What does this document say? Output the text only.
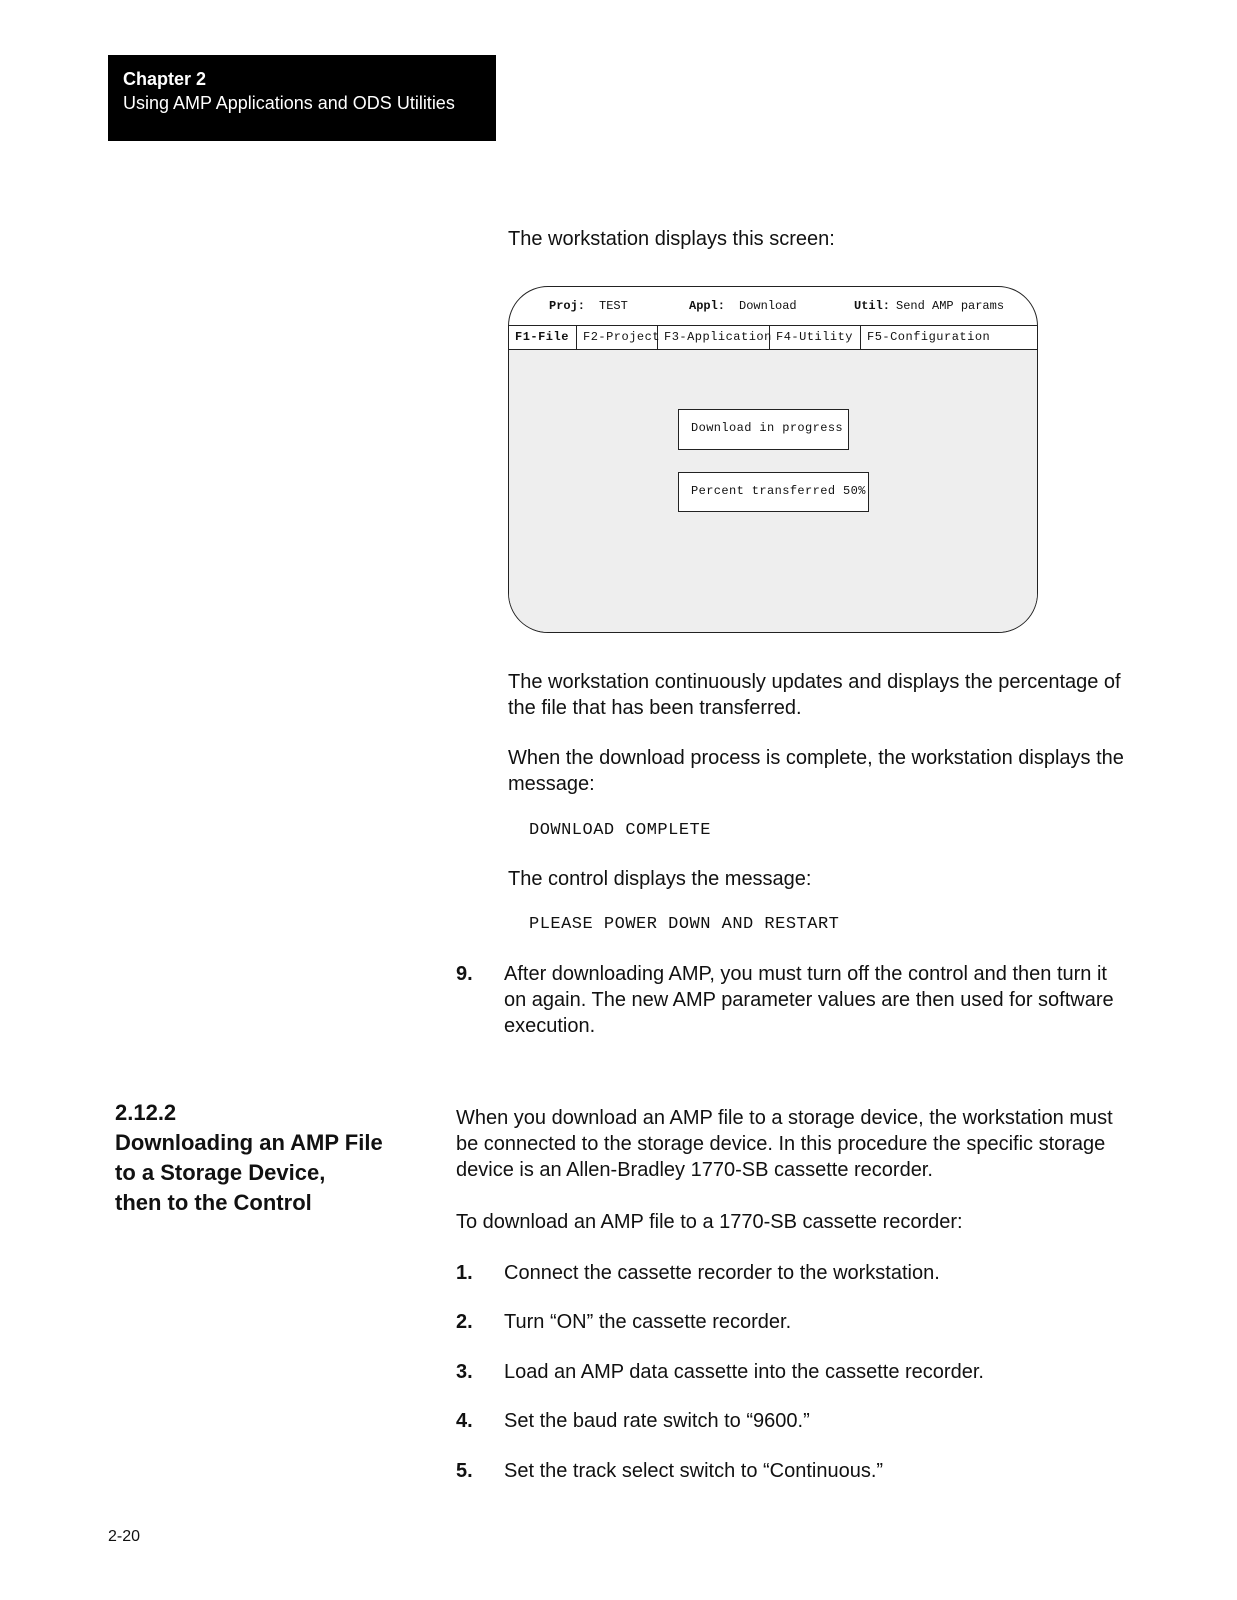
Chapter 2
Using AMP Applications and ODS Utilities

The workstation displays this screen:

Proj: TEST	Appl: Download	Util: Send AMP params
F1-File	F2-Project F3-Application F4-Utility	F5-Configuration
Download in progress
Percent transferred 50%

The workstation continuously updates and displays the percentage of the file that has been transferred.

When the download process is complete, the workstation displays the message:

DOWNLOAD COMPLETE

The control displays the message:

PLEASE POWER DOWN AND RESTART
9. After downloading AMP, you must turn off the control and then turn it on again. The new AMP parameter values are then used for software execution.

2.12.2
Downloading an AMP File
to a Storage Device,
then to the Control

When you download an AMP file to a storage device, the workstation must be connected to the storage device. In this procedure the specific storage device is an Allen-Bradley 1770-SB cassette recorder.

To download an AMP file to a 1770-SB cassette recorder:

1. Connect the cassette recorder to the workstation.

2. Turn “ON” the cassette recorder.

3. Load an AMP data cassette into the cassette recorder.

4. Set the baud rate switch to “9600.”

5. Set the track select switch to “Continuous.”

2-20
